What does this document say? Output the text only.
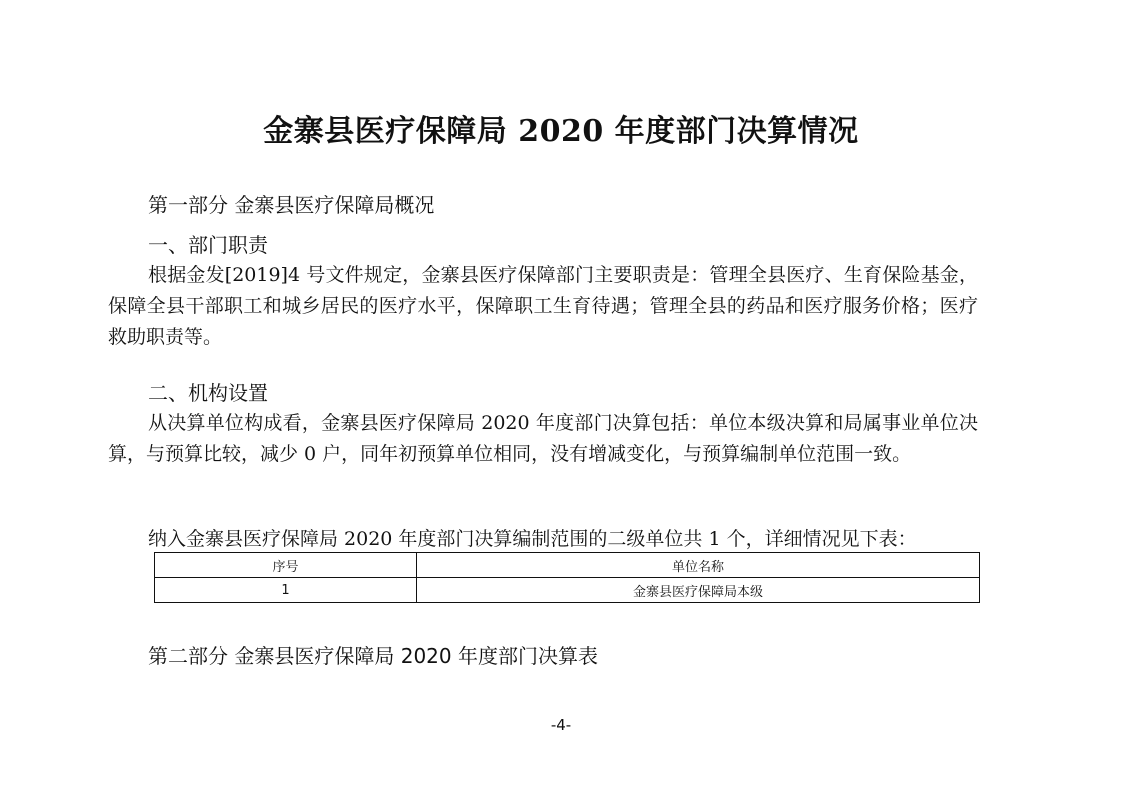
金寨县医疗保障局 2020 年度部门决算情况
第一部分 金寨县医疗保障局概况
一、部门职责

根据金发[2019]4 号文件规定，金寨县医疗保障部门主要职责是：管理全县医疗、生育保险基金，保障全县干部职工和城乡居民的医疗水平，保障职工生育待遇；管理全县的药品和医疗服务价格；医疗救助职责等。

二、机构设置

从决算单位构成看，金寨县医疗保障局 2020 年度部门决算包括：单位本级决算和局属事业单位决算，与预算比较，减少 0 户，同年初预算单位相同，没有增减变化，与预算编制单位范围一致。

纳入金寨县医疗保障局 2020 年度部门决算编制范围的二级单位共 1 个，详细情况见下表：
序号	单位名称
1	金寨县医疗保障局本级
第二部分 金寨县医疗保障局 2020 年度部门决算表
-4-
